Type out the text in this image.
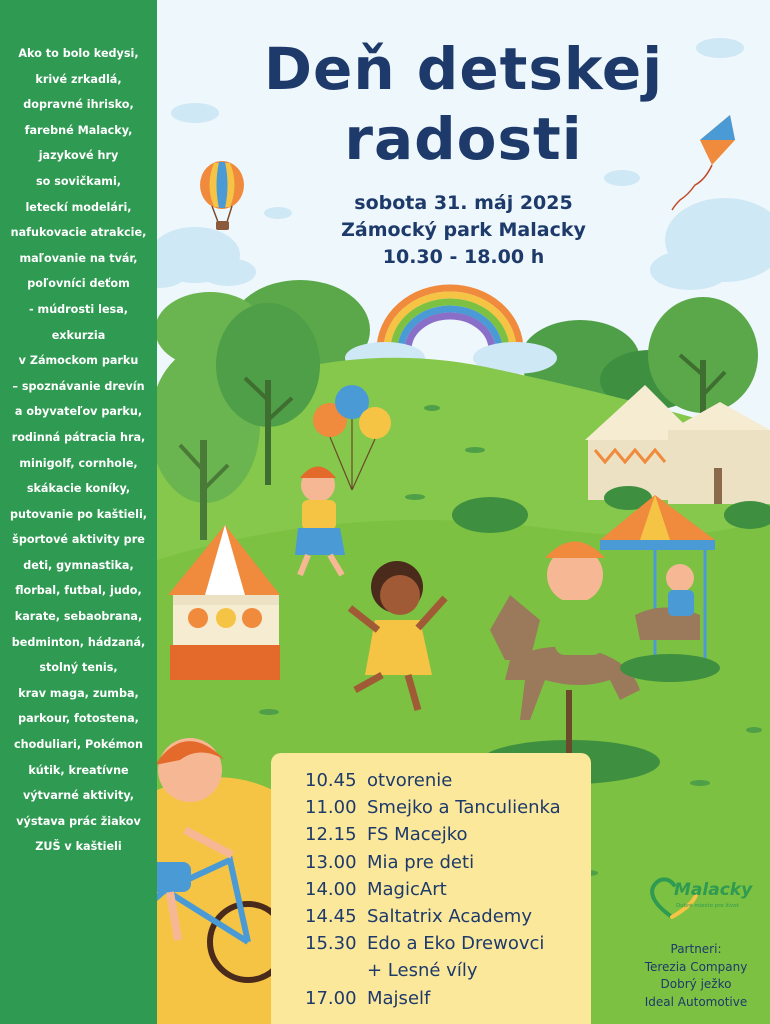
Ako to bolo kedysi,
krivé zrkadlá,
dopravné ihrisko,
farebné Malacky,
jazykové hry
so sovičkami,
leteckí modelári,
nafukovacie atrakcie,
maľovanie na tvár,
poľovníci deťom
- múdrosti lesa,
exkurzia
v Zámockom parku
– spoznávanie drevín
a obyvateľov parku,
rodinná pátracia hra,
minigolf, cornhole,
skákacie koníky,
putovanie po kaštieli,
športové aktivity pre
deti, gymnastika,
florbal, futbal, judo,
karate, sebaobrana,
bedminton, hádzaná,
stolný tenis,
krav maga, zumba,
parkour, fotostena,
choduliari, Pokémon
kútik, kreatívne
výtvarné aktivity,
výstava prác žiakov
ZUŠ v kaštieli
Deň detskej
radosti
sobota 31. máj 2025
Zámocký park Malacky
10.30 - 18.00 h
10.45 otvorenie
11.00 Smejko a Tanculienka
12.15 FS Macejko
13.00 Mia pre deti
14.00 MagicArt
14.45 Saltatrix Academy
15.30 Edo a Eko Drewovci
+ Lesné víly
17.00 Majself
Malacky
Dobré miesto pre život
Partneri:
Terezia Company
Dobrý ježko
Ideal Automotive
